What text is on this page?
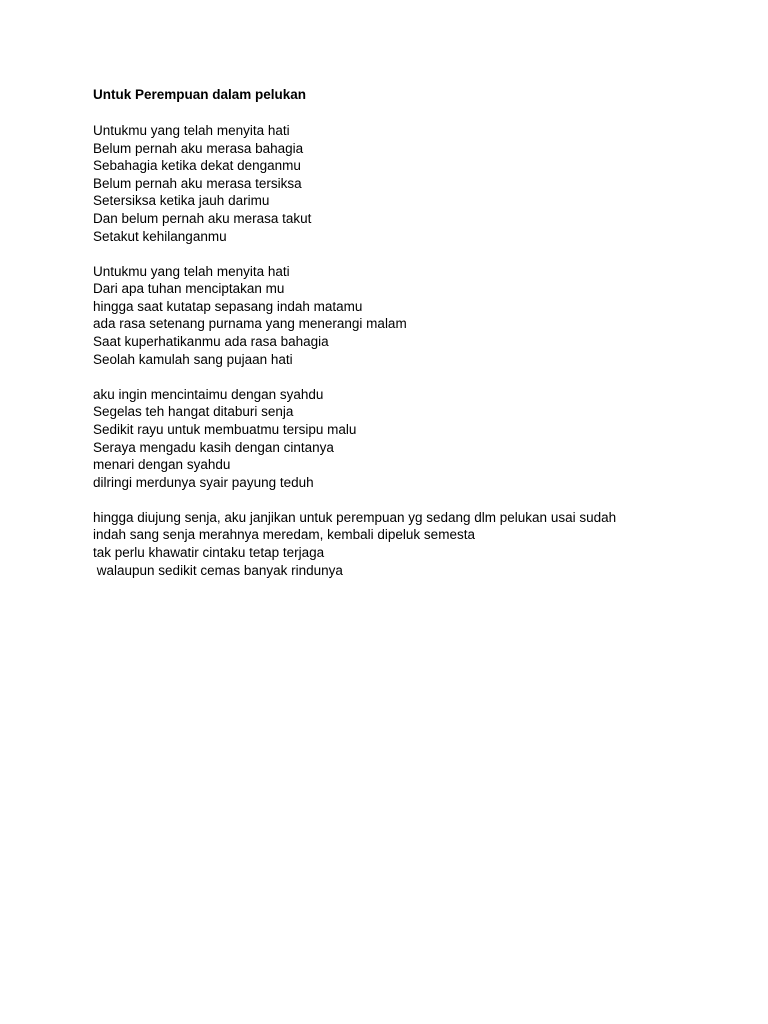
Untuk Perempuan dalam pelukan
Untukmu yang telah menyita hati
Belum pernah aku merasa bahagia
Sebahagia ketika dekat denganmu
Belum pernah aku merasa tersiksa
Setersiksa ketika jauh darimu
Dan belum pernah aku merasa takut
Setakut kehilanganmu
Untukmu yang telah menyita hati
Dari apa tuhan menciptakan mu
hingga saat kutatap sepasang indah matamu
ada rasa setenang purnama yang menerangi malam
Saat kuperhatikanmu ada rasa bahagia
Seolah kamulah sang pujaan hati
aku ingin mencintaimu dengan syahdu
Segelas teh hangat ditaburi senja
Sedikit rayu untuk membuatmu tersipu malu
Seraya mengadu kasih dengan cintanya
menari dengan syahdu
dilringi merdunya syair payung teduh
hingga diujung senja, aku janjikan untuk perempuan yg sedang dlm pelukan usai sudah
indah sang senja merahnya meredam, kembali dipeluk semesta
tak perlu khawatir cintaku tetap terjaga
walaupun sedikit cemas banyak rindunya
